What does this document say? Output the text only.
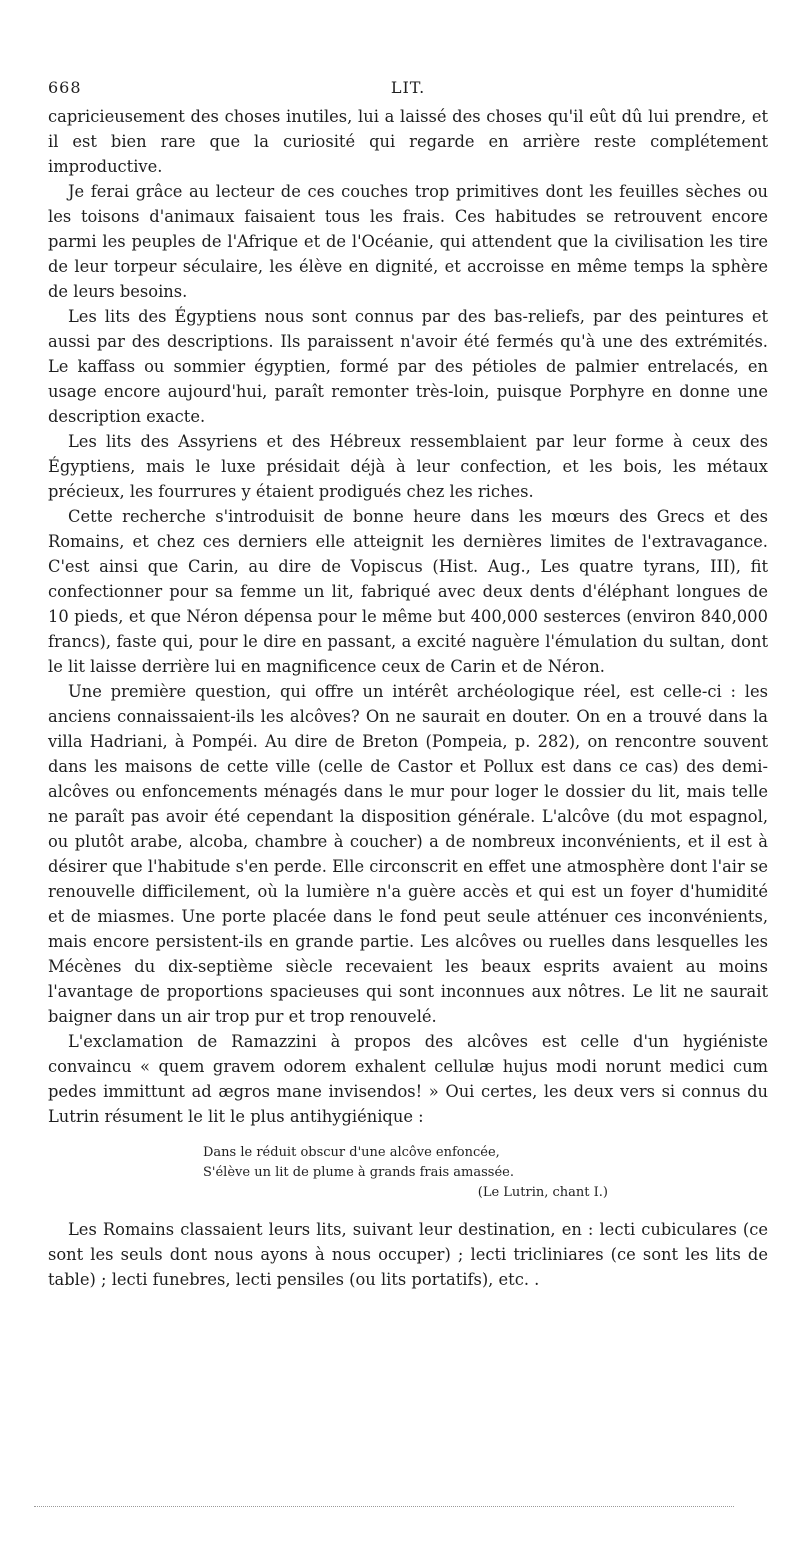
668	LIT.

capricieusement des choses inutiles, lui a laissé des choses qu'il eût dû lui prendre, et il est bien rare que la curiosité qui regarde en arrière reste complétement improductive.

Je ferai grâce au lecteur de ces couches trop primitives dont les feuilles sèches ou les toisons d'animaux faisaient tous les frais. Ces habitudes se retrouvent encore parmi les peuples de l'Afrique et de l'Océanie, qui attendent que la civilisation les tire de leur torpeur séculaire, les élève en dignité, et accroisse en même temps la sphère de leurs besoins.

Les lits des Égyptiens nous sont connus par des bas-reliefs, par des peintures et aussi par des descriptions. Ils paraissent n'avoir été fermés qu'à une des extrémités. Le kaffass ou sommier égyptien, formé par des pétioles de palmier entrelacés, en usage encore aujourd'hui, paraît remonter très-loin, puisque Porphyre en donne une description exacte.

Les lits des Assyriens et des Hébreux ressemblaient par leur forme à ceux des Égyptiens, mais le luxe présidait déjà à leur confection, et les bois, les métaux précieux, les fourrures y étaient prodigués chez les riches.

Cette recherche s'introduisit de bonne heure dans les mœurs des Grecs et des Romains, et chez ces derniers elle atteignit les dernières limites de l'extravagance. C'est ainsi que Carin, au dire de Vopiscus (Hist. Aug., Les quatre tyrans, III), fit confectionner pour sa femme un lit, fabriqué avec deux dents d'éléphant longues de 10 pieds, et que Néron dépensa pour le même but 400,000 sesterces (environ 840,000 francs), faste qui, pour le dire en passant, a excité naguère l'émulation du sultan, dont le lit laisse derrière lui en magnificence ceux de Carin et de Néron.

Une première question, qui offre un intérêt archéologique réel, est celle-ci : les anciens connaissaient-ils les alcôves? On ne saurait en douter. On en a trouvé dans la villa Hadriani, à Pompéi. Au dire de Breton (Pompeia, p. 282), on rencontre souvent dans les maisons de cette ville (celle de Castor et Pollux est dans ce cas) des demi-alcôves ou enfoncements ménagés dans le mur pour loger le dossier du lit, mais telle ne paraît pas avoir été cependant la disposition générale. L'alcôve (du mot espagnol, ou plutôt arabe, alcoba, chambre à coucher) a de nombreux inconvénients, et il est à désirer que l'habitude s'en perde. Elle circonscrit en effet une atmosphère dont l'air se renouvelle difficilement, où la lumière n'a guère accès et qui est un foyer d'humidité et de miasmes. Une porte placée dans le fond peut seule atténuer ces inconvénients, mais encore persistent-ils en grande partie. Les alcôves ou ruelles dans lesquelles les Mécènes du dix-septième siècle recevaient les beaux esprits avaient au moins l'avantage de proportions spacieuses qui sont inconnues aux nôtres. Le lit ne saurait baigner dans un air trop pur et trop renouvelé.

L'exclamation de Ramazzini à propos des alcôves est celle d'un hygiéniste convaincu « quem gravem odorem exhalent cellulæ hujus modi norunt medici cum pedes immittunt ad ægros mane invisendos! » Oui certes, les deux vers si connus du Lutrin résument le lit le plus antihygiénique :

Dans le réduit obscur d'une alcôve enfoncée,
S'élève un lit de plume à grands frais amassée.
(Le Lutrin, chant I.)

Les Romains classaient leurs lits, suivant leur destination, en : lecti cubiculares (ce sont les seuls dont nous ayons à nous occuper) ; lecti tricliniares (ce sont les lits de table) ; lecti funebres, lecti pensiles (ou lits portatifs), etc. .
